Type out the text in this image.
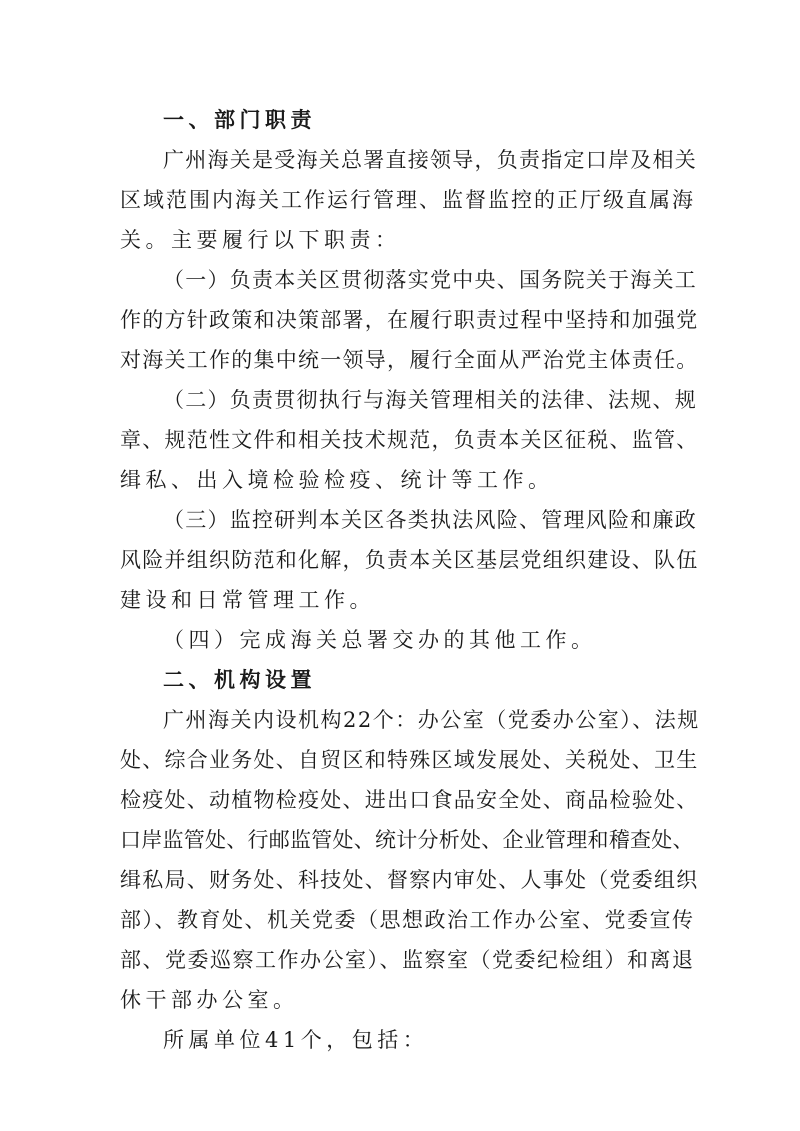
一、部门职责
广州海关是受海关总署直接领导，负责指定口岸及相关
区域范围内海关工作运行管理、监督监控的正厅级直属海
关。主要履行以下职责：
（一）负责本关区贯彻落实党中央、国务院关于海关工
作的方针政策和决策部署，在履行职责过程中坚持和加强党
对海关工作的集中统一领导，履行全面从严治党主体责任。
（二）负责贯彻执行与海关管理相关的法律、法规、规
章、规范性文件和相关技术规范，负责本关区征税、监管、
缉私、出入境检验检疫、统计等工作。
（三）监控研判本关区各类执法风险、管理风险和廉政
风险并组织防范和化解，负责本关区基层党组织建设、队伍
建设和日常管理工作。
（四）完成海关总署交办的其他工作。
二、机构设置
广州海关内设机构22个：办公室（党委办公室）、法规
处、综合业务处、自贸区和特殊区域发展处、关税处、卫生
检疫处、动植物检疫处、进出口食品安全处、商品检验处、
口岸监管处、行邮监管处、统计分析处、企业管理和稽查处、
缉私局、财务处、科技处、督察内审处、人事处（党委组织
部）、教育处、机关党委（思想政治工作办公室、党委宣传
部、党委巡察工作办公室）、监察室（党委纪检组）和离退
休干部办公室。
所属单位41个，包括：
